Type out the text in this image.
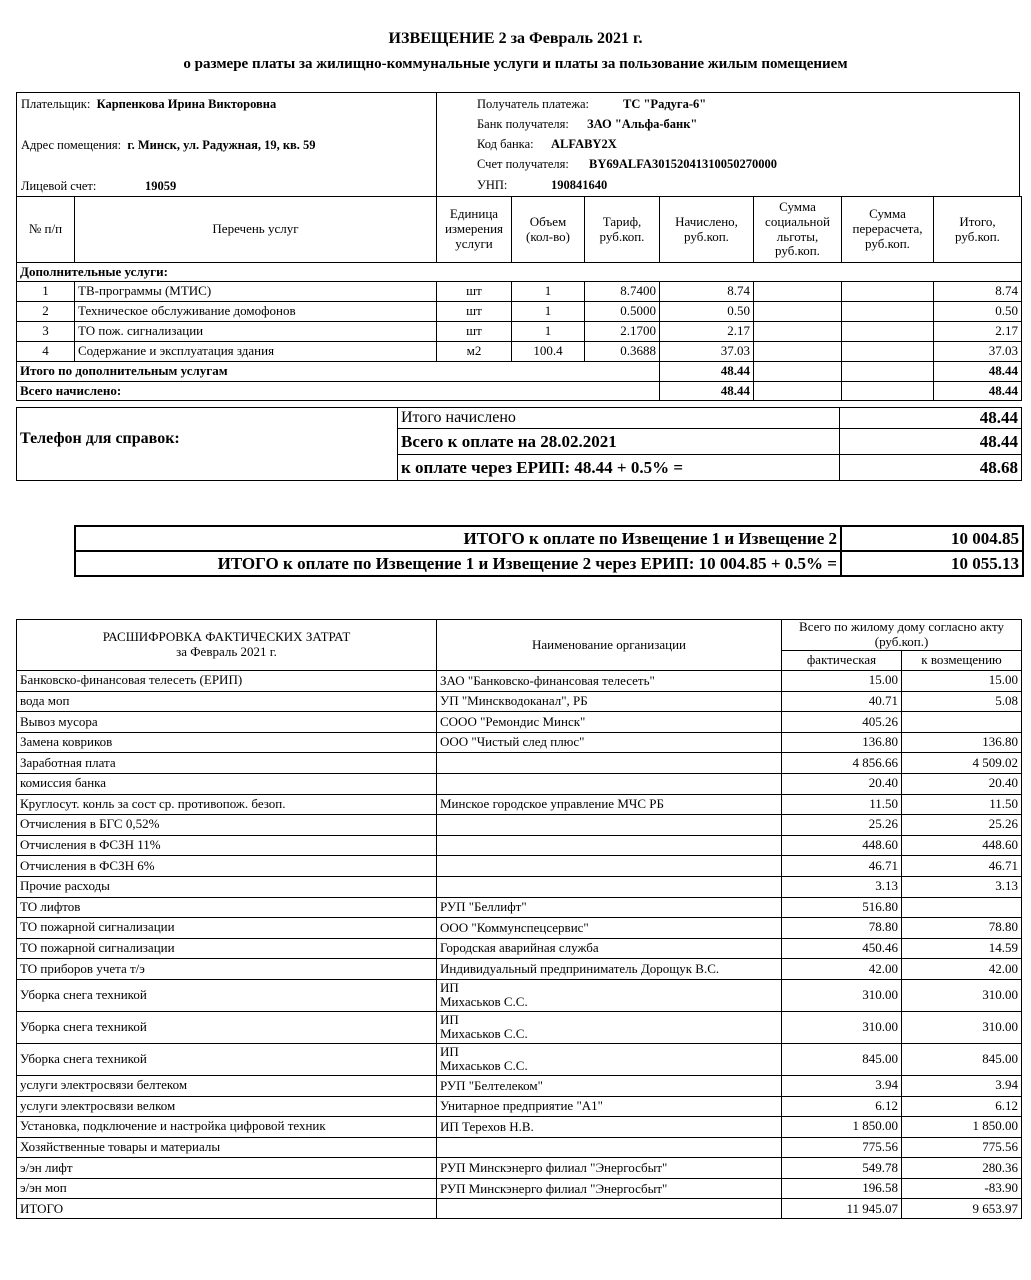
ИЗВЕЩЕНИЕ 2 за Февраль 2021 г.
о размере платы за жилищно-коммунальные услуги и платы за пользование жилым помещением
Плательщик: Карпенкова Ирина Викторовна
Адрес помещения: г. Минск, ул. Радужная, 19, кв. 59
Лицевой счет:	19059
Получатель платежа:	ТС "Радуга-6"
Банк получателя: ЗАО "Альфа-банк"
Код банка: ALFABY2X
Счет получателя: BY69ALFA30152041310050270000
УНП:	190841640
№ п/п	Перечень услуг	Единица измерения услуги	Объем (кол-во)	Тариф, руб.коп.	Начислено, руб.коп.	Сумма социальной льготы, руб.коп.	Сумма перерасчета, руб.коп.	Итого, руб.коп.
Дополнительные услуги:								
1	ТВ-программы (МТИС)	шт	1	8.7400	8.74			8.74
2	Техническое обслуживание домофонов	шт	1	0.5000	0.50			0.50
3	ТО пож. сигнализации	шт	1	2.1700	2.17			2.17
4	Содержание и эксплуатация здания	м2	100.4	0.3688	37.03			37.03
Итого по дополнительным услугам					48.44			48.44
Всего начислено:					48.44			48.44
Телефон для справок:	Итого начислено	48.44
	Всего к оплате на 28.02.2021	48.44
	к оплате через ЕРИП: 48.44 + 0.5% =	48.68
ИТОГО к оплате по Извещение 1 и Извещение 2	10 004.85
ИТОГО к оплате по Извещение 1 и Извещение 2 через ЕРИП: 10 004.85 + 0.5% =	10 055.13
РАСШИФРОВКА ФАКТИЧЕСКИХ ЗАТРАТ
за Февраль 2021 г.	Наименование организации	Всего по жилому дому согласно акту (руб.коп.)	
		фактическая	к возмещению
Банковско-финансовая телесеть (ЕРИП)	ЗАО "Банковско-финансовая телесеть"	15.00	15.00
вода моп	УП "Минскводоканал", РБ	40.71	5.08
Вывоз мусора	СООО "Ремондис Минск"	405.26	
Замена ковриков	ООО "Чистый след плюс"	136.80	136.80
Заработная плата		4 856.66	4 509.02
комиссия банка		20.40	20.40
Круглосут. конль за сост ср. противопож. безоп.	Минское городское управление МЧС РБ	11.50	11.50
Отчисления в БГС 0,52%		25.26	25.26
Отчисления в ФСЗН 11%		448.60	448.60
Отчисления в ФСЗН 6%		46.71	46.71
Прочие расходы		3.13	3.13
ТО лифтов	РУП "Беллифт"	516.80	
ТО пожарной сигнализации	ООО "Коммунспецсервис"	78.80	78.80
ТО пожарной сигнализации	Городская аварийная служба	450.46	14.59
ТО приборов учета т/э	Индивидуальный предприниматель Дорощук В.С.	42.00	42.00
Уборка снега техникой	ИП
Михаськов С.С.	310.00	310.00
Уборка снега техникой	ИП
Михаськов С.С.	310.00	310.00
Уборка снега техникой	ИП
Михаськов С.С.	845.00	845.00
услуги электросвязи белтеком	РУП "Белтелеком"	3.94	3.94
услуги электросвязи велком	Унитарное предприятие "А1"	6.12	6.12
Установка, подключение и настройка цифровой техник	ИП Терехов Н.В.	1 850.00	1 850.00
Хозяйственные товары и материалы		775.56	775.56
э/эн лифт	РУП Минскэнерго филиал "Энергосбыт"	549.78	280.36
э/эн моп	РУП Минскэнерго филиал "Энергосбыт"	196.58	-83.90
ИТОГО		11 945.07	9 653.97
